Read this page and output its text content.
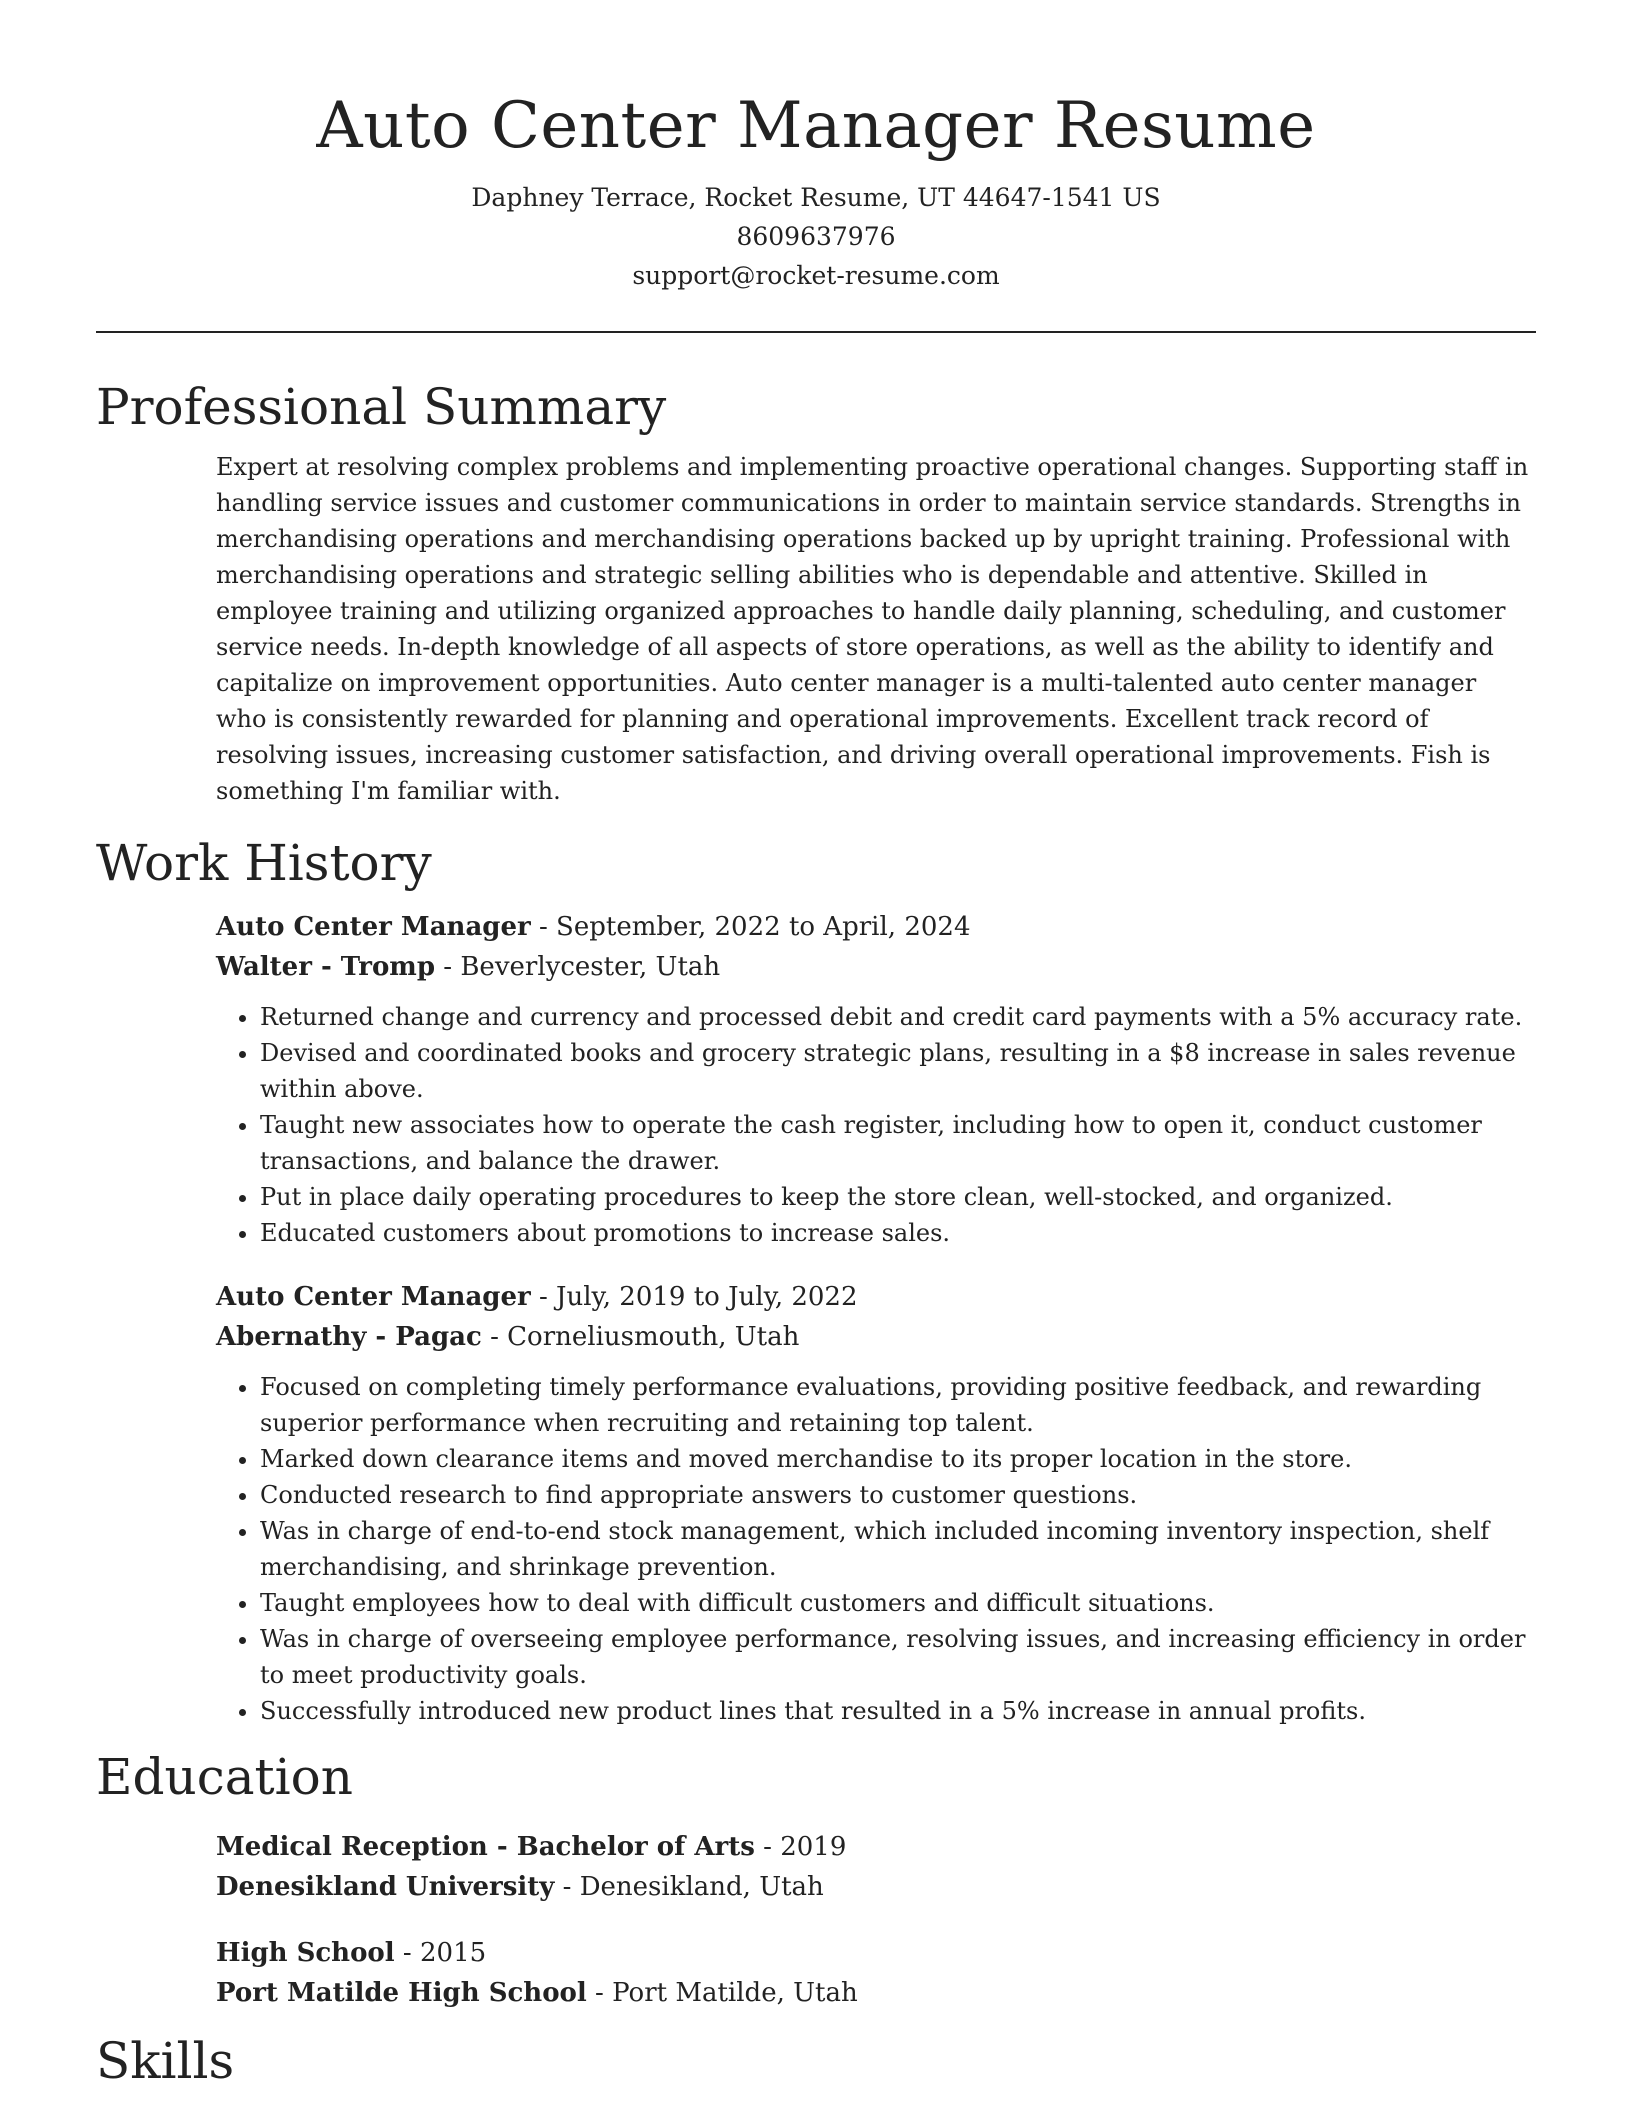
Auto Center Manager Resume

Daphney Terrace, Rocket Resume, UT 44647-1541 US

8609637976

support@rocket-resume.com

Professional Summary

Expert at resolving complex problems and implementing proactive operational changes. Supporting staff in handling service issues and customer communications in order to maintain service standards. Strengths in merchandising operations and merchandising operations backed up by upright training. Professional with merchandising operations and strategic selling abilities who is dependable and attentive. Skilled in employee training and utilizing organized approaches to handle daily planning, scheduling, and customer service needs. In-depth knowledge of all aspects of store operations, as well as the ability to identify and capitalize on improvement opportunities. Auto center manager is a multi-talented auto center manager who is consistently rewarded for planning and operational improvements. Excellent track record of resolving issues, increasing customer satisfaction, and driving overall operational improvements. Fish is something I'm familiar with.

Work History

Auto Center Manager - September, 2022 to April, 2024

Walter - Tromp - Beverlycester, Utah

• Returned change and currency and processed debit and credit card payments with a 5% accuracy rate.
• Devised and coordinated books and grocery strategic plans, resulting in a $8 increase in sales revenue within above.
• Taught new associates how to operate the cash register, including how to open it, conduct customer transactions, and balance the drawer.
• Put in place daily operating procedures to keep the store clean, well-stocked, and organized.
• Educated customers about promotions to increase sales.

Auto Center Manager - July, 2019 to July, 2022

Abernathy - Pagac - Corneliusmouth, Utah

• Focused on completing timely performance evaluations, providing positive feedback, and rewarding superior performance when recruiting and retaining top talent.
• Marked down clearance items and moved merchandise to its proper location in the store.
• Conducted research to find appropriate answers to customer questions.
• Was in charge of end-to-end stock management, which included incoming inventory inspection, shelf merchandising, and shrinkage prevention.
• Taught employees how to deal with difficult customers and difficult situations.
• Was in charge of overseeing employee performance, resolving issues, and increasing efficiency in order to meet productivity goals.
• Successfully introduced new product lines that resulted in a 5% increase in annual profits.
Education

Medical Reception - Bachelor of Arts - 2019

Denesikland University - Denesikland, Utah

High School - 2015

Port Matilde High School - Port Matilde, Utah

Skills
